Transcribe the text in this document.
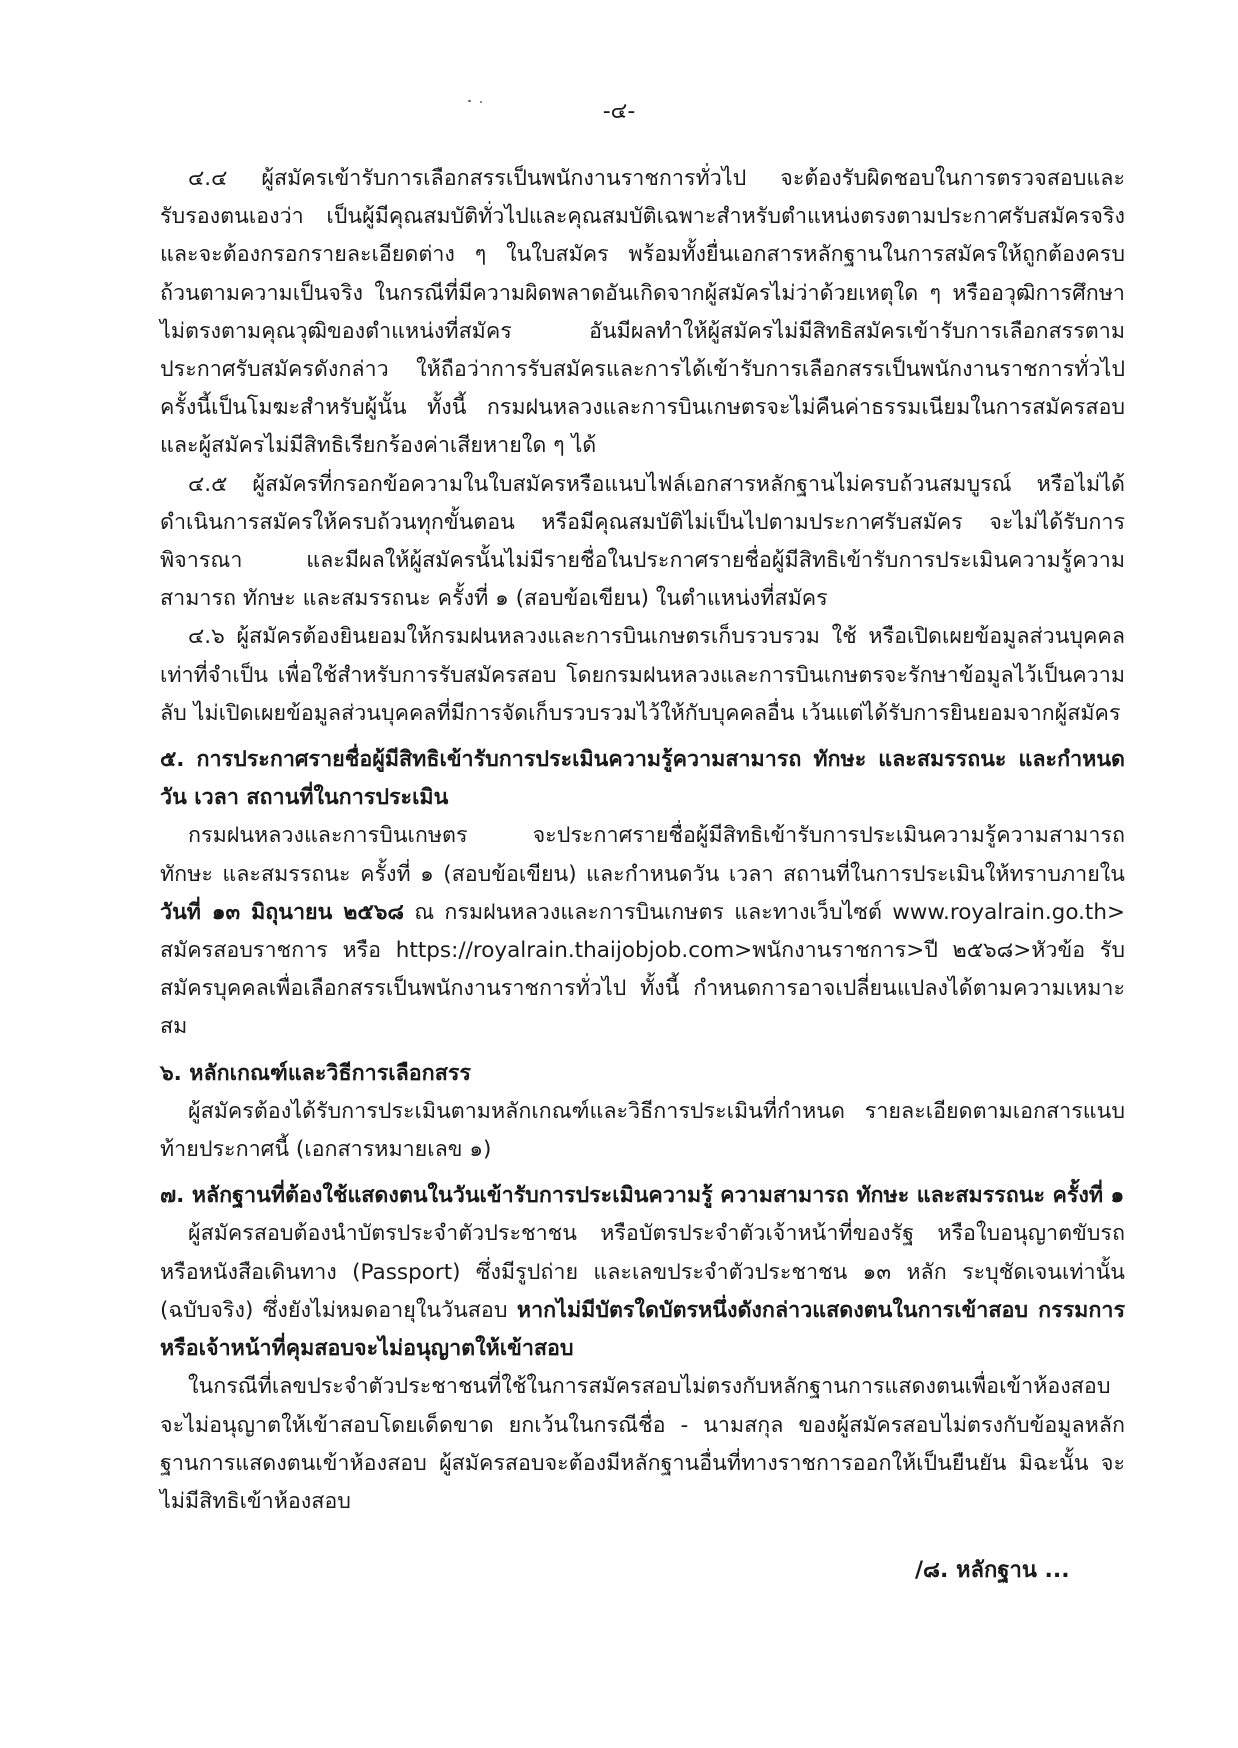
-๔-

๔.๔ ผู้สมัครเข้ารับการเลือกสรรเป็นพนักงานราชการทั่วไป จะต้องรับผิดชอบในการตรวจสอบและรับรองตนเองว่า เป็นผู้มีคุณสมบัติทั่วไปและคุณสมบัติเฉพาะสำหรับตำแหน่งตรงตามประกาศรับสมัครจริง และจะต้องกรอกรายละเอียดต่าง ๆ ในใบสมัคร พร้อมทั้งยื่นเอกสารหลักฐานในการสมัครให้ถูกต้องครบถ้วนตามความเป็นจริง ในกรณีที่มีความผิดพลาดอันเกิดจากผู้สมัครไม่ว่าด้วยเหตุใด ๆ หรืออวุฒิการศึกษาไม่ตรงตามคุณวุฒิของตำแหน่งที่สมัคร อันมีผลทำให้ผู้สมัครไม่มีสิทธิสมัครเข้ารับการเลือกสรรตามประกาศรับสมัครดังกล่าว ให้ถือว่าการรับสมัครและการได้เข้ารับการเลือกสรรเป็นพนักงานราชการทั่วไปครั้งนี้เป็นโมฆะสำหรับผู้นั้น ทั้งนี้ กรมฝนหลวงและการบินเกษตรจะไม่คืนค่าธรรมเนียมในการสมัครสอบ และผู้สมัครไม่มีสิทธิเรียกร้องค่าเสียหายใด ๆ ได้

๔.๕ ผู้สมัครที่กรอกข้อความในใบสมัครหรือแนบไฟล์เอกสารหลักฐานไม่ครบถ้วนสมบูรณ์ หรือไม่ได้ดำเนินการสมัครให้ครบถ้วนทุกขั้นตอน หรือมีคุณสมบัติไม่เป็นไปตามประกาศรับสมัคร จะไม่ได้รับการพิจารณา และมีผลให้ผู้สมัครนั้นไม่มีรายชื่อในประกาศรายชื่อผู้มีสิทธิเข้ารับการประเมินความรู้ความสามารถ ทักษะ และสมรรถนะ ครั้งที่ ๑ (สอบข้อเขียน) ในตำแหน่งที่สมัคร

๔.๖ ผู้สมัครต้องยินยอมให้กรมฝนหลวงและการบินเกษตรเก็บรวบรวม ใช้ หรือเปิดเผยข้อมูลส่วนบุคคลเท่าที่จำเป็น เพื่อใช้สำหรับการรับสมัครสอบ โดยกรมฝนหลวงและการบินเกษตรจะรักษาข้อมูลไว้เป็นความลับ ไม่เปิดเผยข้อมูลส่วนบุคคลที่มีการจัดเก็บรวบรวมไว้ให้กับบุคคลอื่น เว้นแต่ได้รับการยินยอมจากผู้สมัคร

๕. การประกาศรายชื่อผู้มีสิทธิเข้ารับการประเมินความรู้ความสามารถ ทักษะ และสมรรถนะ และกำหนดวัน เวลา สถานที่ในการประเมิน

กรมฝนหลวงและการบินเกษตร จะประกาศรายชื่อผู้มีสิทธิเข้ารับการประเมินความรู้ความสามารถ ทักษะ และสมรรถนะ ครั้งที่ ๑ (สอบข้อเขียน) และกำหนดวัน เวลา สถานที่ในการประเมินให้ทราบภายในวันที่ ๑๓ มิถุนายน ๒๕๖๘ ณ กรมฝนหลวงและการบินเกษตร และทางเว็บไซต์ www.royalrain.go.th> สมัครสอบราชการ หรือ https://royalrain.thaijobjob.com>พนักงานราชการ>ปี ๒๕๖๘>หัวข้อ รับสมัครบุคคลเพื่อเลือกสรรเป็นพนักงานราชการทั่วไป ทั้งนี้ กำหนดการอาจเปลี่ยนแปลงได้ตามความเหมาะสม

๖. หลักเกณฑ์และวิธีการเลือกสรร

ผู้สมัครต้องได้รับการประเมินตามหลักเกณฑ์และวิธีการประเมินที่กำหนด รายละเอียดตามเอกสารแนบท้ายประกาศนี้ (เอกสารหมายเลข ๑)

๗. หลักฐานที่ต้องใช้แสดงตนในวันเข้ารับการประเมินความรู้ ความสามารถ ทักษะ และสมรรถนะ ครั้งที่ ๑

ผู้สมัครสอบต้องนำบัตรประจำตัวประชาชน หรือบัตรประจำตัวเจ้าหน้าที่ของรัฐ หรือใบอนุญาตขับรถหรือหนังสือเดินทาง (Passport) ซึ่งมีรูปถ่าย และเลขประจำตัวประชาชน ๑๓ หลัก ระบุชัดเจนเท่านั้น (ฉบับจริง) ซึ่งยังไม่หมดอายุในวันสอบ หากไม่มีบัตรใดบัตรหนึ่งดังกล่าวแสดงตนในการเข้าสอบ กรรมการหรือเจ้าหน้าที่คุมสอบจะไม่อนุญาตให้เข้าสอบ

ในกรณีที่เลขประจำตัวประชาชนที่ใช้ในการสมัครสอบไม่ตรงกับหลักฐานการแสดงตนเพื่อเข้าห้องสอบ จะไม่อนุญาตให้เข้าสอบโดยเด็ดขาด ยกเว้นในกรณีชื่อ - นามสกุล ของผู้สมัครสอบไม่ตรงกับข้อมูลหลักฐานการแสดงตนเข้าห้องสอบ ผู้สมัครสอบจะต้องมีหลักฐานอื่นที่ทางราชการออกให้เป็นยืนยัน มิฉะนั้น จะไม่มีสิทธิเข้าห้องสอบ

/๘. หลักฐาน ...
